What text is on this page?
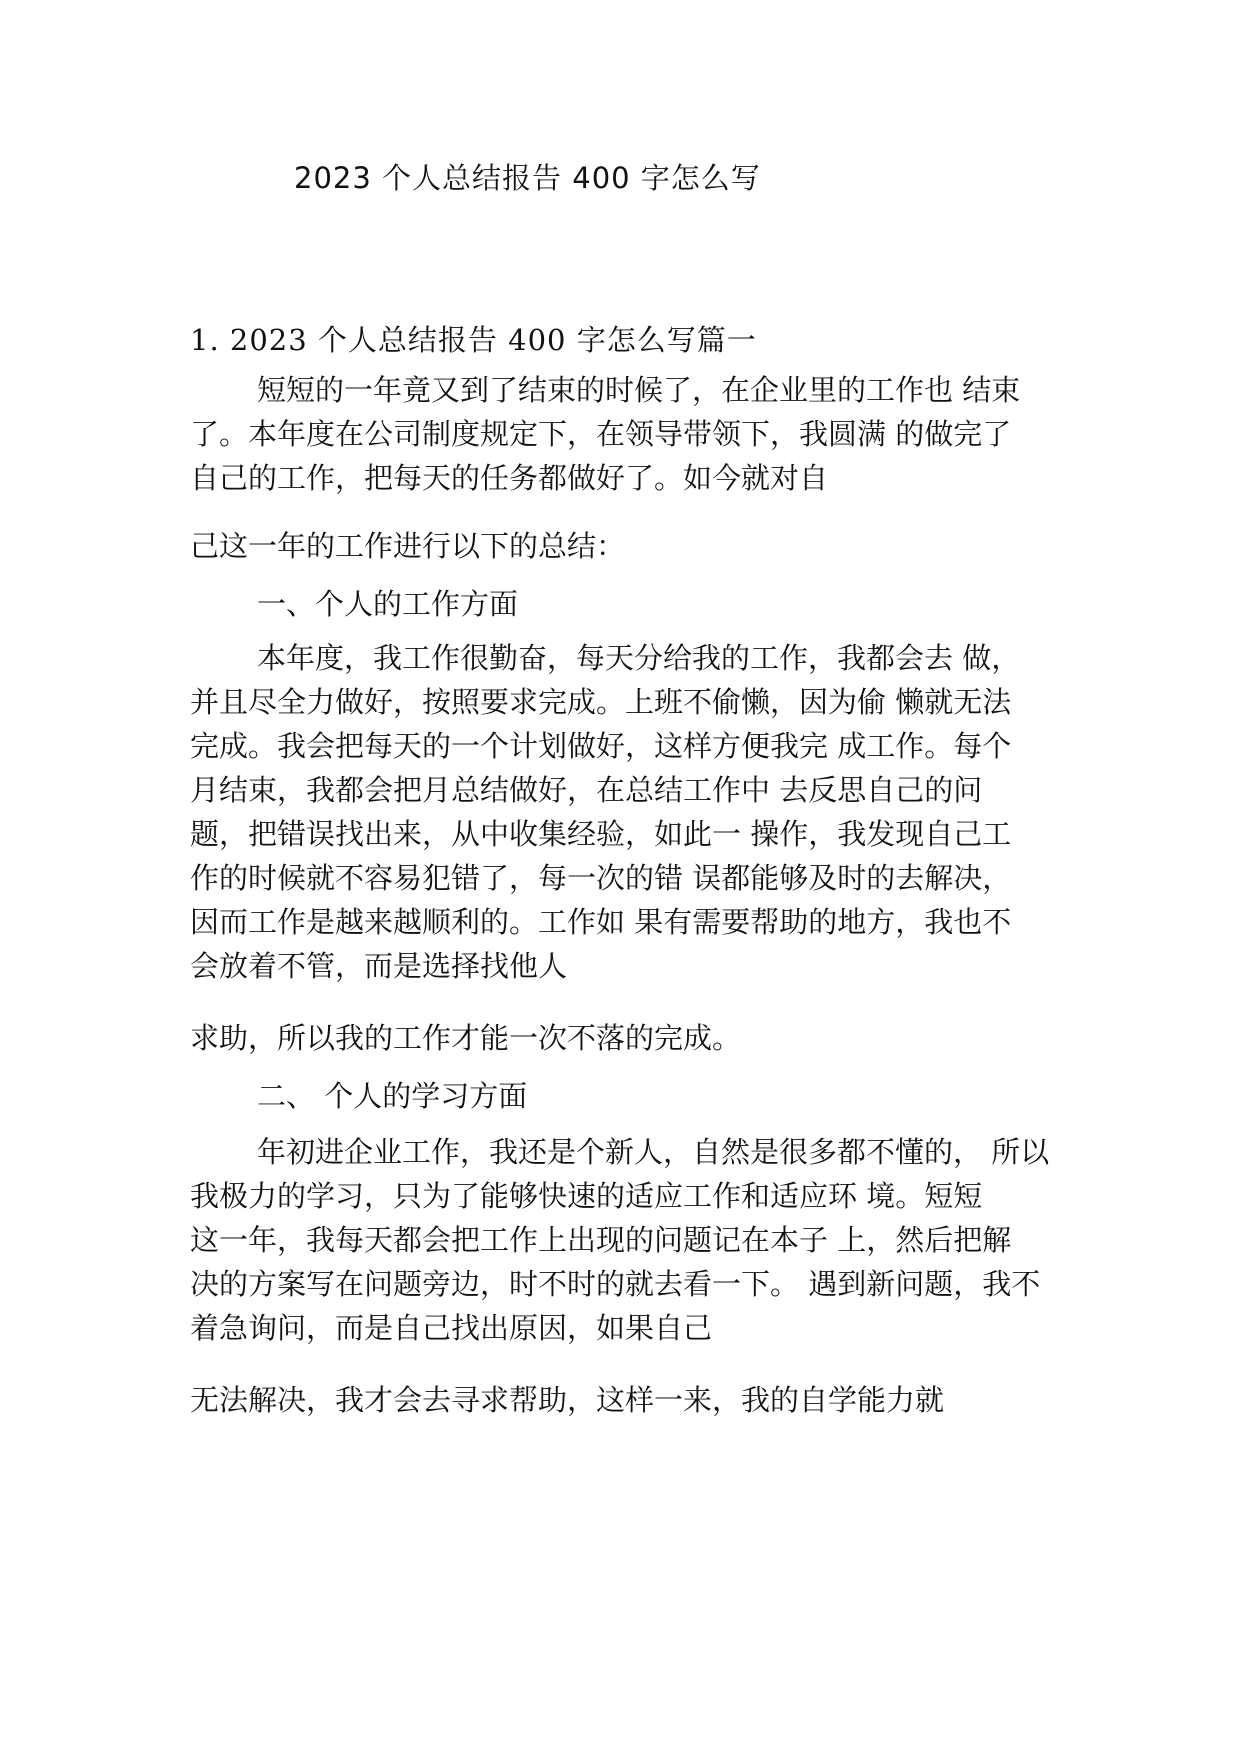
2023 个人总结报告 400 字怎么写
1. 2023 个人总结报告 400 字怎么写篇一
短短的一年竟又到了结束的时候了，在企业里的工作也 结束
了。本年度在公司制度规定下，在领导带领下，我圆满 的做完了
自己的工作，把每天的任务都做好了。如今就对自
己这一年的工作进行以下的总结：
一、个人的工作方面
本年度，我工作很勤奋，每天分给我的工作，我都会去 做，
并且尽全力做好，按照要求完成。上班不偷懒，因为偷 懒就无法
完成。我会把每天的一个计划做好，这样方便我完 成工作。每个
月结束，我都会把月总结做好，在总结工作中 去反思自己的问
题，把错误找出来，从中收集经验，如此一 操作，我发现自己工
作的时候就不容易犯错了，每一次的错 误都能够及时的去解决，
因而工作是越来越顺利的。工作如 果有需要帮助的地方，我也不
会放着不管，而是选择找他人
求助，所以我的工作才能一次不落的完成。
二、 个人的学习方面
年初进企业工作，我还是个新人，自然是很多都不懂的， 所以
我极力的学习，只为了能够快速的适应工作和适应环 境。短短
这一年，我每天都会把工作上出现的问题记在本子 上，然后把解
决的方案写在问题旁边，时不时的就去看一下。 遇到新问题，我不
着急询问，而是自己找出原因，如果自己
无法解决，我才会去寻求帮助，这样一来，我的自学能力就
